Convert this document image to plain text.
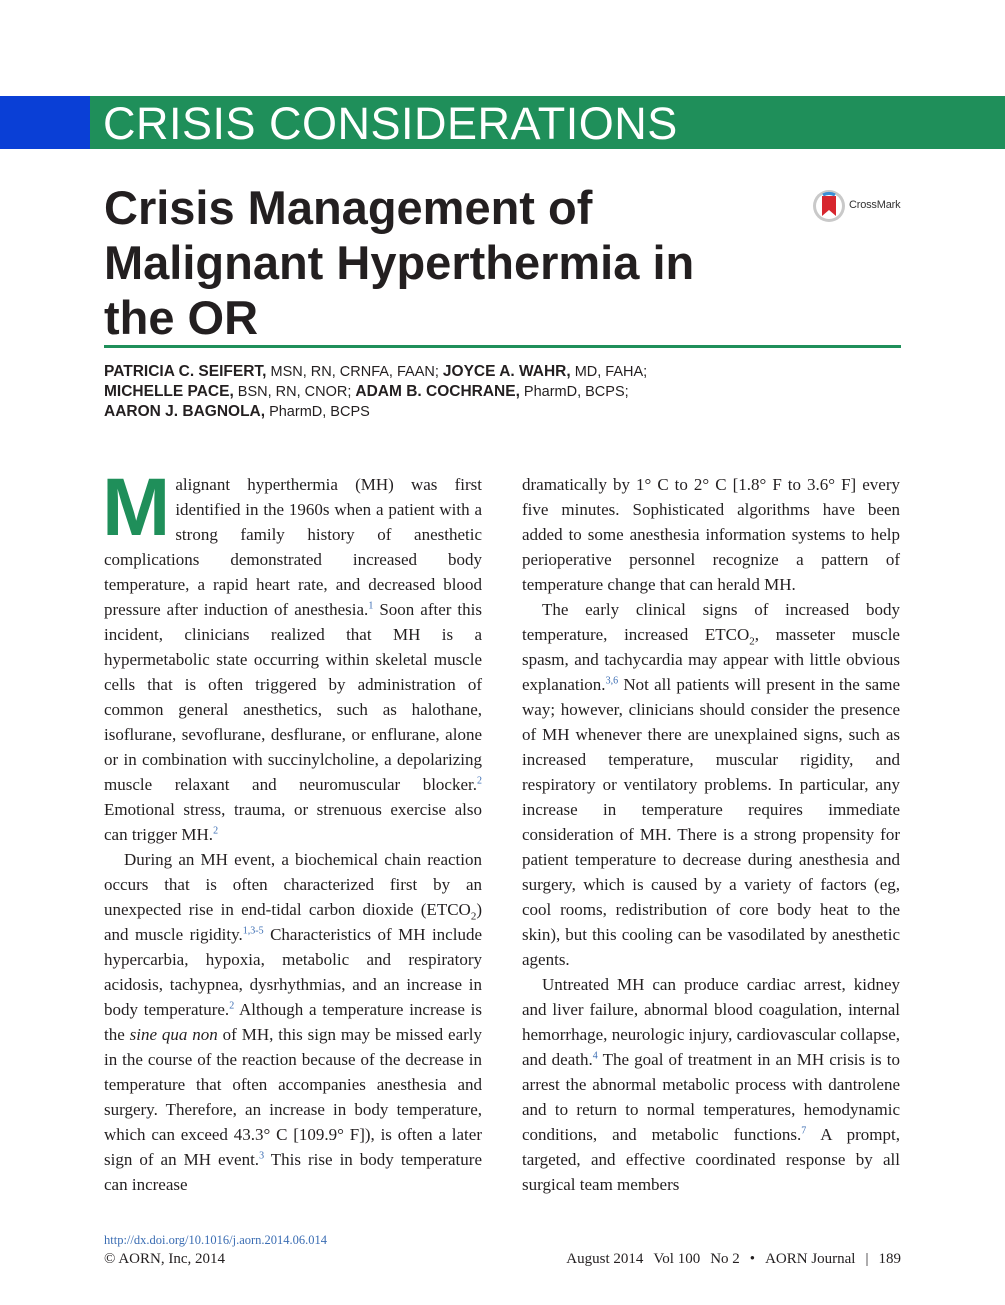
CRISIS CONSIDERATIONS
Crisis Management of Malignant Hyperthermia in the OR
CrossMark
PATRICIA C. SEIFERT, MSN, RN, CRNFA, FAAN; JOYCE A. WAHR, MD, FAHA;
MICHELLE PACE, BSN, RN, CNOR; ADAM B. COCHRANE, PharmD, BCPS;
AARON J. BAGNOLA, PharmD, BCPS

Malignant hyperthermia (MH) was first identified in the 1960s when a patient with a strong family history of anesthetic complications demonstrated increased body temperature, a rapid heart rate, and decreased blood pressure after induction of anesthesia.$^1$ Soon after this incident, clinicians realized that MH is a hypermetabolic state occurring within skeletal muscle cells that is often triggered by administration of common general anesthetics, such as halothane, isoflurane, sevoflurane, desflurane, or enflurane, alone or in combination with succinylcholine, a depolarizing muscle relaxant and neuromuscular blocker.$^2$ Emotional stress, trauma, or strenuous exercise also can trigger MH.$^2$

During an MH event, a biochemical chain reaction occurs that is often characterized first by an unexpected rise in end-tidal carbon dioxide $(ETCO_2)$ and muscle rigidity.$^{1,3-5}$ Characteristics of MH include hypercarbia, hypoxia, metabolic and respiratory acidosis, tachypnea, dysrhythmias, and an increase in body temperature.$^2$ Although a temperature increase is the sine qua non of MH, this sign may be missed early in the course of the reaction because of the decrease in temperature that often accompanies anesthesia and surgery. Therefore, an increase in body temperature, which can exceed 43.3° C [109.9° F]), is often a later sign of an MH event.$^3$ This rise in body temperature can increase

dramatically by 1° C to 2° C [1.8° F to 3.6° F] every five minutes. Sophisticated algorithms have been added to some anesthesia information systems to help perioperative personnel recognize a pattern of temperature change that can herald MH.

The early clinical signs of increased body temperature, increased $ETCO_2$, masseter muscle spasm, and tachycardia may appear with little obvious explanation.$^{3,6}$ Not all patients will present in the same way; however, clinicians should consider the presence of MH whenever there are unexplained signs, such as increased temperature, muscular rigidity, and respiratory or ventilatory problems. In particular, any increase in temperature requires immediate consideration of MH. There is a strong propensity for patient temperature to decrease during anesthesia and surgery, which is caused by a variety of factors (eg, cool rooms, redistribution of core body heat to the skin), but this cooling can be vasodilated by anesthetic agents.

Untreated MH can produce cardiac arrest, kidney and liver failure, abnormal blood coagulation, internal hemorrhage, neurologic injury, cardiovascular collapse, and death.$^4$ The goal of treatment in an MH crisis is to arrest the abnormal metabolic process with dantrolene and to return to normal temperatures, hemodynamic conditions, and metabolic functions.$^7$ A prompt, targeted, and effective coordinated response by all surgical team members

http://dx.doi.org/10.1016/j.aorn.2014.06.014
© AORN, Inc, 2014	August 2014 Vol 100 No 2 • AORN Journal | 189
